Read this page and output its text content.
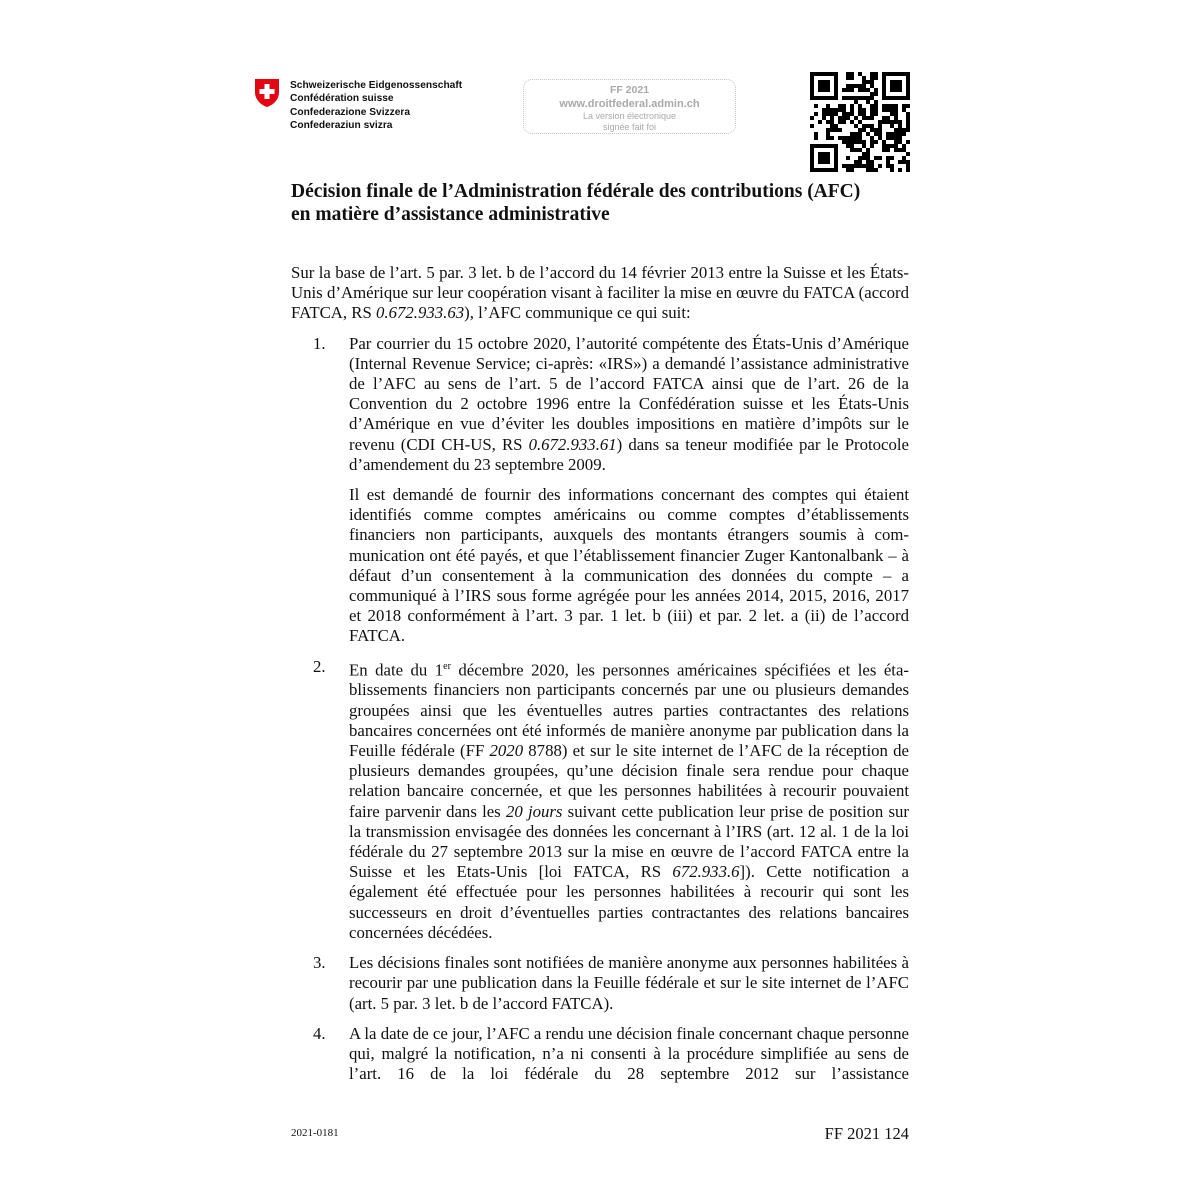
Schweizerische Eidgenossenschaft
Confédération suisse
Confederazione Svizzera
Confederaziun svizra
FF 2021
www.droitfederal.admin.ch
La version électronique
signée fait foi
Décision finale de l’Administration fédérale des contributions (AFC)
en matière d’assistance administrative

Sur la base de l’art. 5 par. 3 let. b de l’accord du 14 février 2013 entre la Suisse et les États-Unis d’Amérique sur leur coopération visant à faciliter la mise en œuvre du FATCA (accord FATCA, RS 0.672.933.63), l’AFC communique ce qui suit:

1. Par courrier du 15 octobre 2020, l’autorité compétente des États-Unis d’Amérique (Internal Revenue Service; ci-après: «IRS») a demandé l’assistance administrative de l’AFC au sens de l’art. 5 de l’accord FATCA ainsi que de l’art. 26 de la Convention du 2 octobre 1996 entre la Confédération suisse et les États-Unis d’Amérique en vue d’éviter les doubles impositions en matière d’impôts sur le revenu (CDI CH-US, RS 0.672.933.61) dans sa teneur modifiée par le Protocole d’amendement du 23 septembre 2009.

Il est demandé de fournir des informations concernant des comptes qui étaient identifiés comme comptes américains ou comme comptes d’établissements financiers non participants, auxquels des montants étrangers soumis à communication ont été payés, et que l’établissement financier Zuger Kantonalbank – à défaut d’un consentement à la communication des données du compte – a communiqué à l’IRS sous forme agrégée pour les années 2014, 2015, 2016, 2017 et 2018 conformément à l’art. 3 par. 1 let. b (iii) et par. 2 let. a (ii) de l’accord FATCA.

2. En date du 1er décembre 2020, les personnes américaines spécifiées et les établissements financiers non participants concernés par une ou plusieurs demandes groupées ainsi que les éventuelles autres parties contractantes des relations bancaires concernées ont été informés de manière anonyme par publication dans la Feuille fédérale (FF 2020 8788) et sur le site internet de l’AFC de la réception de plusieurs demandes groupées, qu’une décision finale sera rendue pour chaque relation bancaire concernée, et que les personnes habilitées à recourir pouvaient faire parvenir dans les 20 jours suivant cette publication leur prise de position sur la transmission envisagée des données les concernant à l’IRS (art. 12 al. 1 de la loi fédérale du 27 septembre 2013 sur la mise en œuvre de l’accord FATCA entre la Suisse et les Etats-Unis [loi FATCA, RS 672.933.6]). Cette notification a également été effectuée pour les personnes habilitées à recourir qui sont les successeurs en droit d’éventuelles parties contractantes des relations bancaires concernées décédées.

3. Les décisions finales sont notifiées de manière anonyme aux personnes habilitées à recourir par une publication dans la Feuille fédérale et sur le site internet de l’AFC (art. 5 par. 3 let. b de l’accord FATCA).

4. A la date de ce jour, l’AFC a rendu une décision finale concernant chaque personne qui, malgré la notification, n’a ni consenti à la procédure simplifiée au sens de l’art. 16 de la loi fédérale du 28 septembre 2012 sur l’assistance

2021-0181	FF 2021 124
